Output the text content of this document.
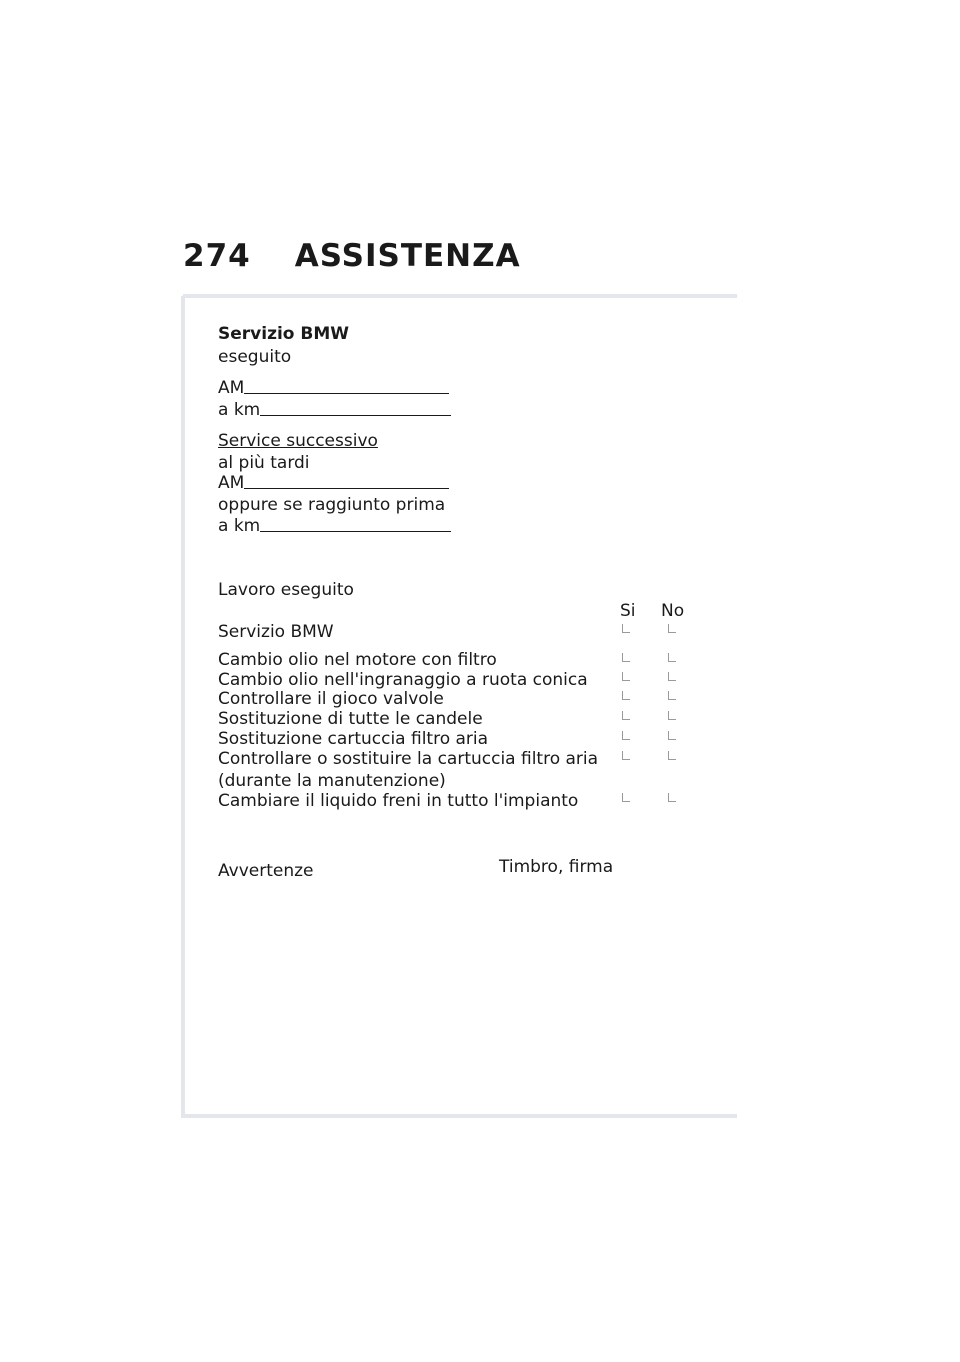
274 ASSISTENZA
Servizio BMW
eseguito
AM
a km
Service successivo
al più tardi
AM
oppure se raggiunto prima
a km
Lavoro eseguito
Si No
Servizio BMW
Cambio olio nel motore con filtro
Cambio olio nell'ingranaggio a ruota conica
Controllare il gioco valvole
Sostituzione di tutte le candele
Sostituzione cartuccia filtro aria
Controllare o sostituire la cartuccia filtro aria
(durante la manutenzione)
Cambiare il liquido freni in tutto l'impianto
Avvertenze	Timbro, firma
